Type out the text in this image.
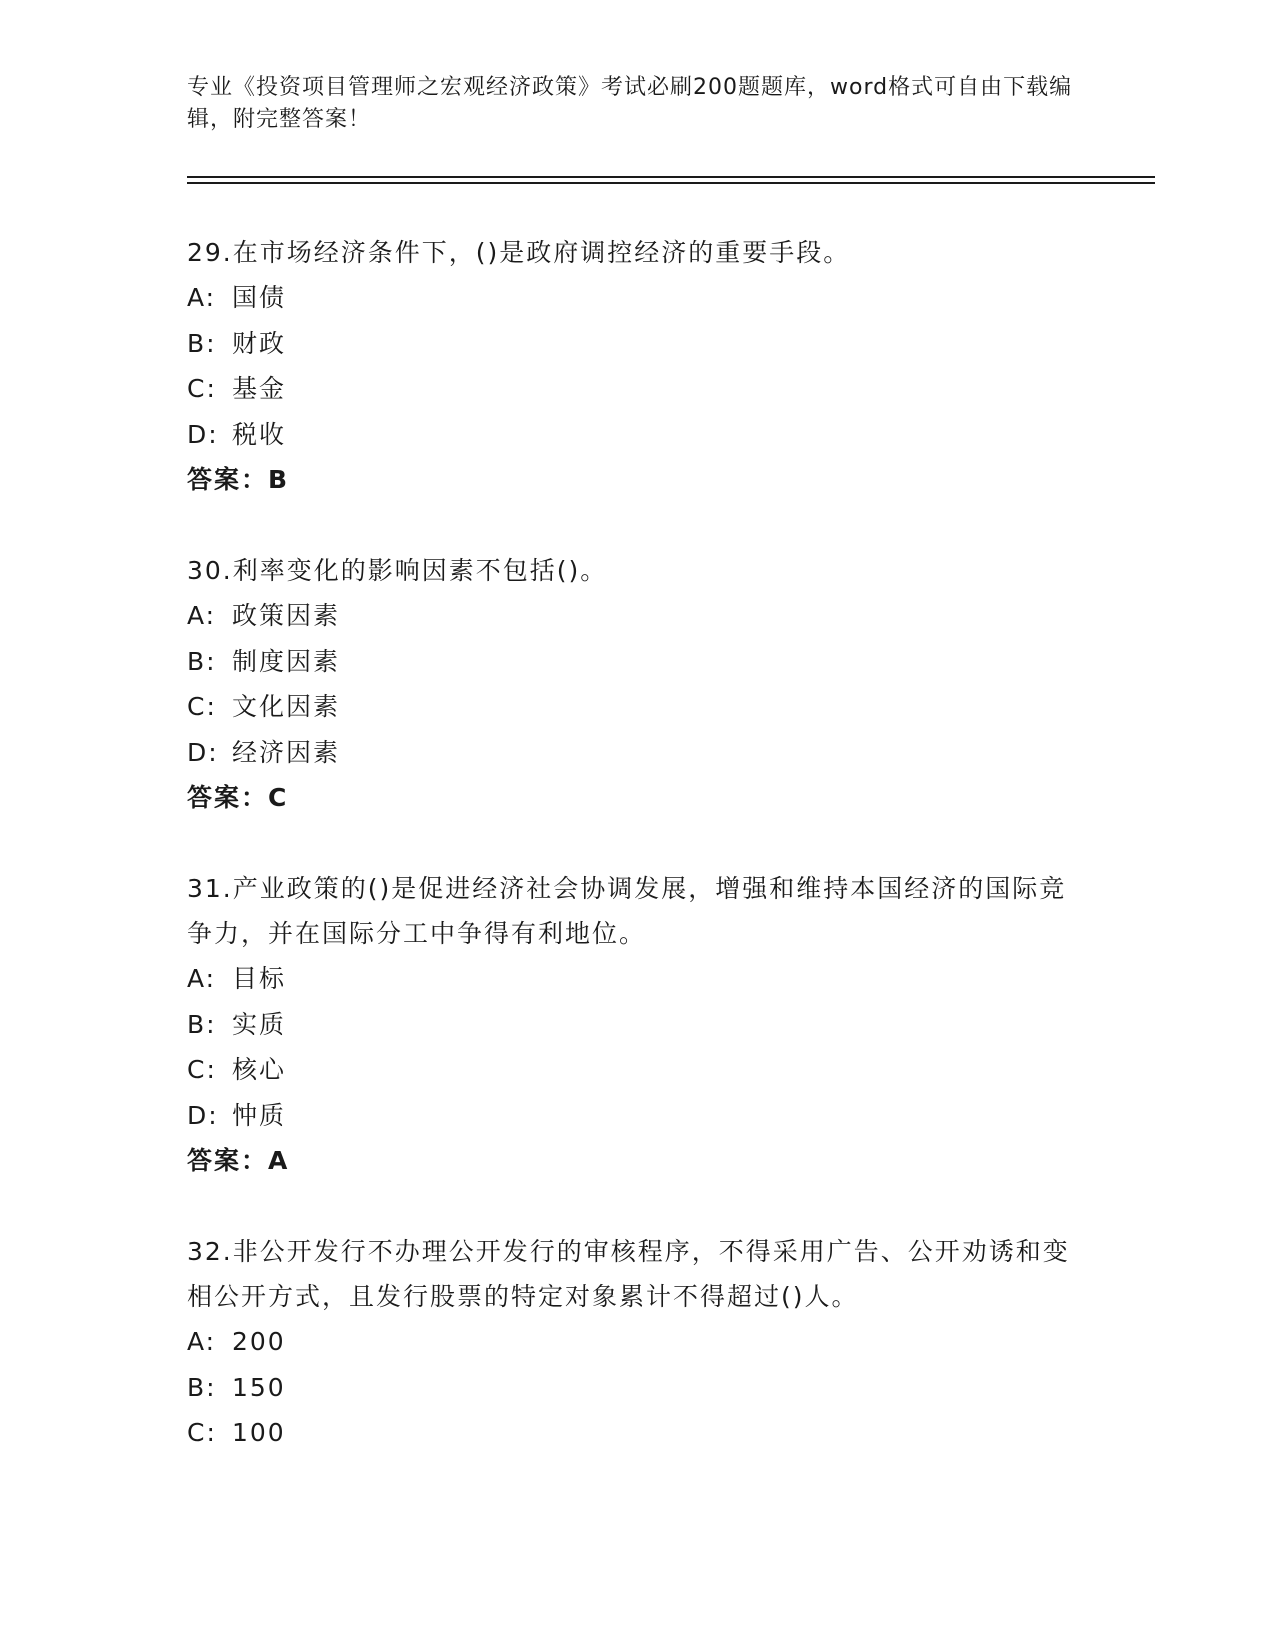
专业《投资项目管理师之宏观经济政策》考试必刷200题题库，word格式可自由下载编辑，附完整答案！

29.在市场经济条件下，()是政府调控经济的重要手段。

A: 国债

B: 财政

C: 基金

D: 税收

答案：B

30.利率变化的影响因素不包括()。

A: 政策因素

B: 制度因素

C: 文化因素

D: 经济因素

答案：C

31.产业政策的()是促进经济社会协调发展，增强和维持本国经济的国际竞争力，并在国际分工中争得有利地位。

A: 目标

B: 实质

C: 核心

D: 忡质

答案：A

32.非公开发行不办理公开发行的审核程序，不得采用广告、公开劝诱和变相公开方式，且发行股票的特定对象累计不得超过()人。

A: 200

B: 150

C: 100
